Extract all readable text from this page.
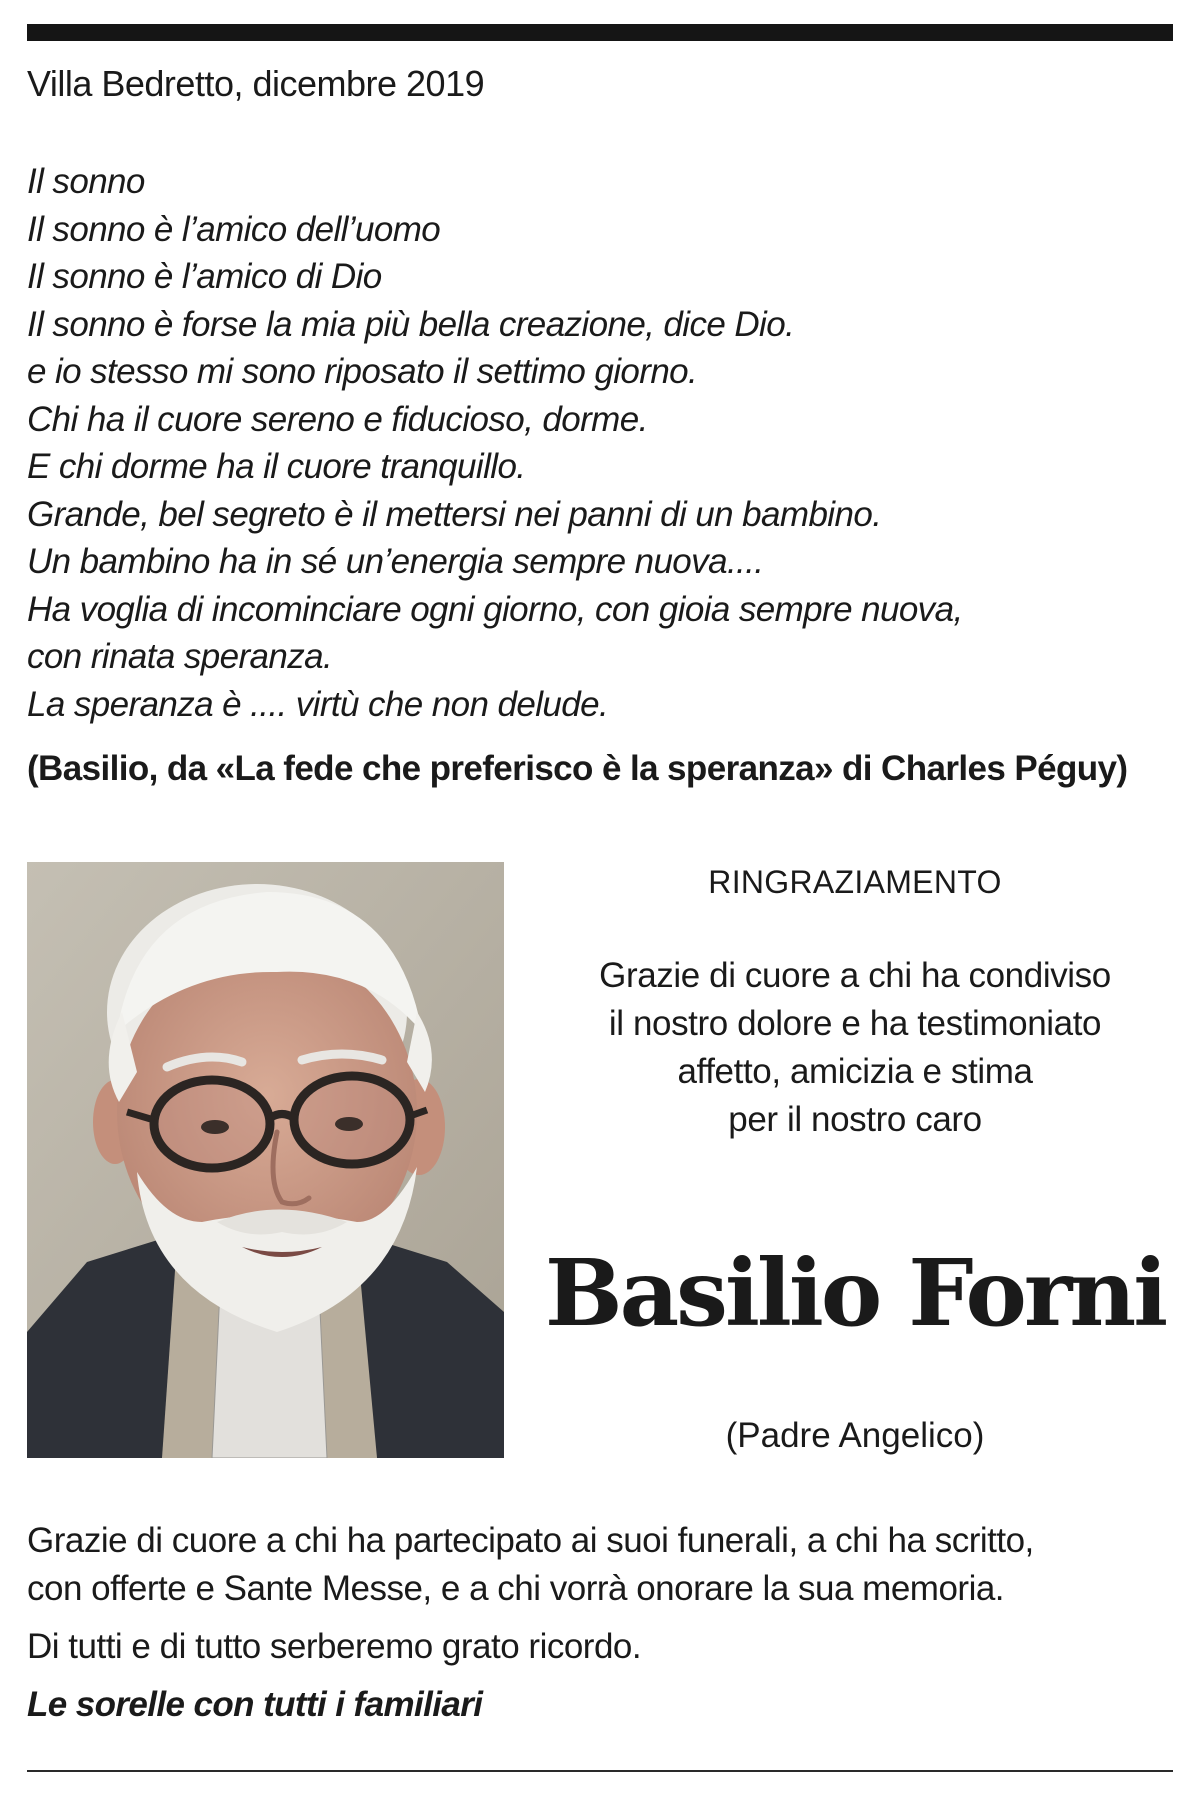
Villa Bedretto, dicembre 2019
Il sonno
Il sonno è l’amico dell’uomo
Il sonno è l’amico di Dio
Il sonno è forse la mia più bella creazione, dice Dio.
e io stesso mi sono riposato il settimo giorno.
Chi ha il cuore sereno e fiducioso, dorme.
E chi dorme ha il cuore tranquillo.
Grande, bel segreto è il mettersi nei panni di un bambino.
Un bambino ha in sé un’energia sempre nuova....
Ha voglia di incominciare ogni giorno, con gioia sempre nuova,
con rinata speranza.
La speranza è .... virtù che non delude.
(Basilio, da «La fede che preferisco è la speranza» di Charles Péguy)
RINGRAZIAMENTO
Grazie di cuore a chi ha condiviso
il nostro dolore e ha testimoniato
affetto, amicizia e stima
per il nostro caro
Basilio Forni
(Padre Angelico)
Grazie di cuore a chi ha partecipato ai suoi funerali, a chi ha scritto,
con offerte e Sante Messe, e a chi vorrà onorare la sua memoria.
Di tutti e di tutto serberemo grato ricordo.
Le sorelle con tutti i familiari
